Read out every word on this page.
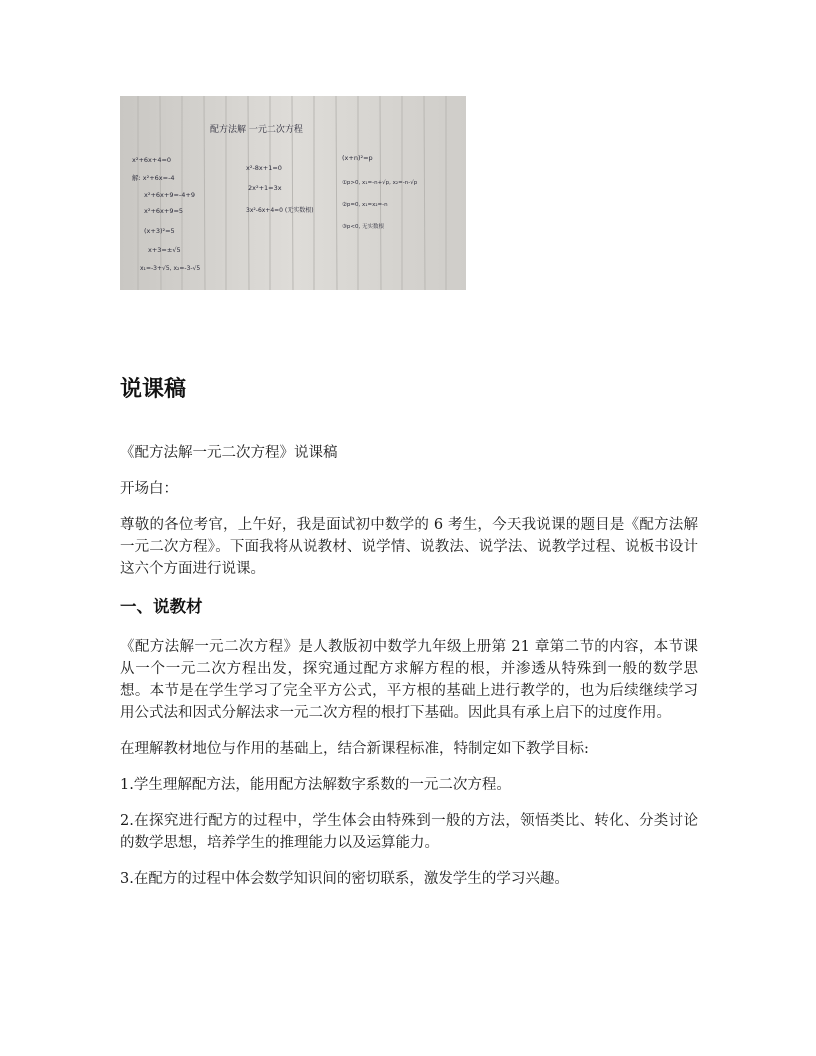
配方法解 一元二次方程
x²+6x+4=0
解: x²+6x=-4
x²+6x+9=-4+9
x²+6x+9=5
(x+3)²=5
x+3=±√5
x₁=-3+√5, x₂=-3-√5
x²-8x+1=0
2x²+1=3x
3x²-6x+4=0 (无实数根)
(x+n)²=p
①p>0, x₁=-n+√p, x₂=-n-√p
②p=0, x₁=x₂=-n
③p<0, 无实数根
说课稿

《配方法解一元二次方程》说课稿

开场白：

尊敬的各位考官，上午好，我是面试初中数学的 6 考生，今天我说课的题目是《配方法解一元二次方程》。下面我将从说教材、说学情、说教法、说学法、说教学过程、说板书设计这六个方面进行说课。

一、说教材

《配方法解一元二次方程》是人教版初中数学九年级上册第 21 章第二节的内容，本节课从一个一元二次方程出发，探究通过配方求解方程的根，并渗透从特殊到一般的数学思想。本节是在学生学习了完全平方公式，平方根的基础上进行教学的，也为后续继续学习用公式法和因式分解法求一元二次方程的根打下基础。因此具有承上启下的过度作用。

在理解教材地位与作用的基础上，结合新课程标准，特制定如下教学目标:

1.学生理解配方法，能用配方法解数字系数的一元二次方程。

2.在探究进行配方的过程中，学生体会由特殊到一般的方法，领悟类比、转化、分类讨论的数学思想，培养学生的推理能力以及运算能力。

3.在配方的过程中体会数学知识间的密切联系，激发学生的学习兴趣。
